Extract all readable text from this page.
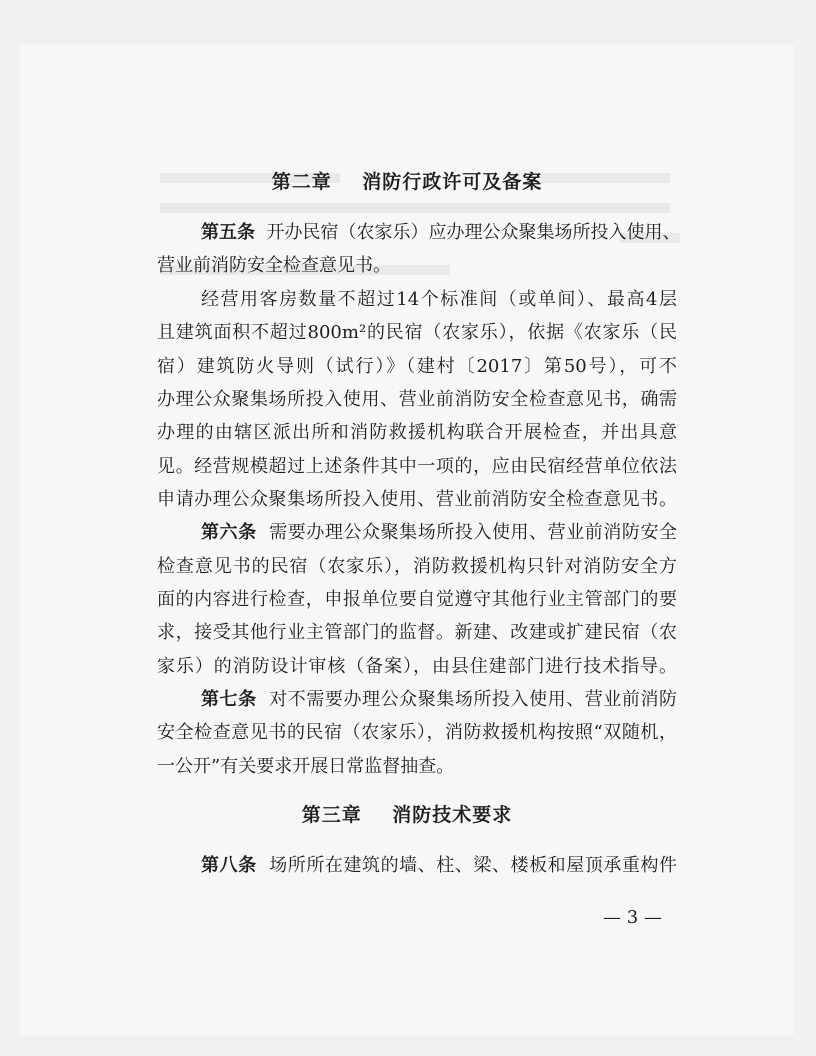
第二章    消防行政许可及备案
第五条 开办民宿（农家乐）应办理公众聚集场所投入使用、
营业前消防安全检查意见书。
经营用客房数量不超过14个标准间（或单间）、最高4层
且建筑面积不超过800m²的民宿（农家乐），依据《农家乐（民
宿）建筑防火导则（试行）》（建村〔2017〕第50号），可不
办理公众聚集场所投入使用、营业前消防安全检查意见书，确需
办理的由辖区派出所和消防救援机构联合开展检查，并出具意
见。经营规模超过上述条件其中一项的，应由民宿经营单位依法
申请办理公众聚集场所投入使用、营业前消防安全检查意见书。
第六条 需要办理公众聚集场所投入使用、营业前消防安全
检查意见书的民宿（农家乐），消防救援机构只针对消防安全方
面的内容进行检查，申报单位要自觉遵守其他行业主管部门的要
求，接受其他行业主管部门的监督。新建、改建或扩建民宿（农
家乐）的消防设计审核（备案），由县住建部门进行技术指导。
第七条 对不需要办理公众聚集场所投入使用、营业前消防
安全检查意见书的民宿（农家乐），消防救援机构按照“双随机，
一公开”有关要求开展日常监督抽查。
第三章    消防技术要求
第八条 场所所在建筑的墙、柱、梁、楼板和屋顶承重构件
— 3 —
